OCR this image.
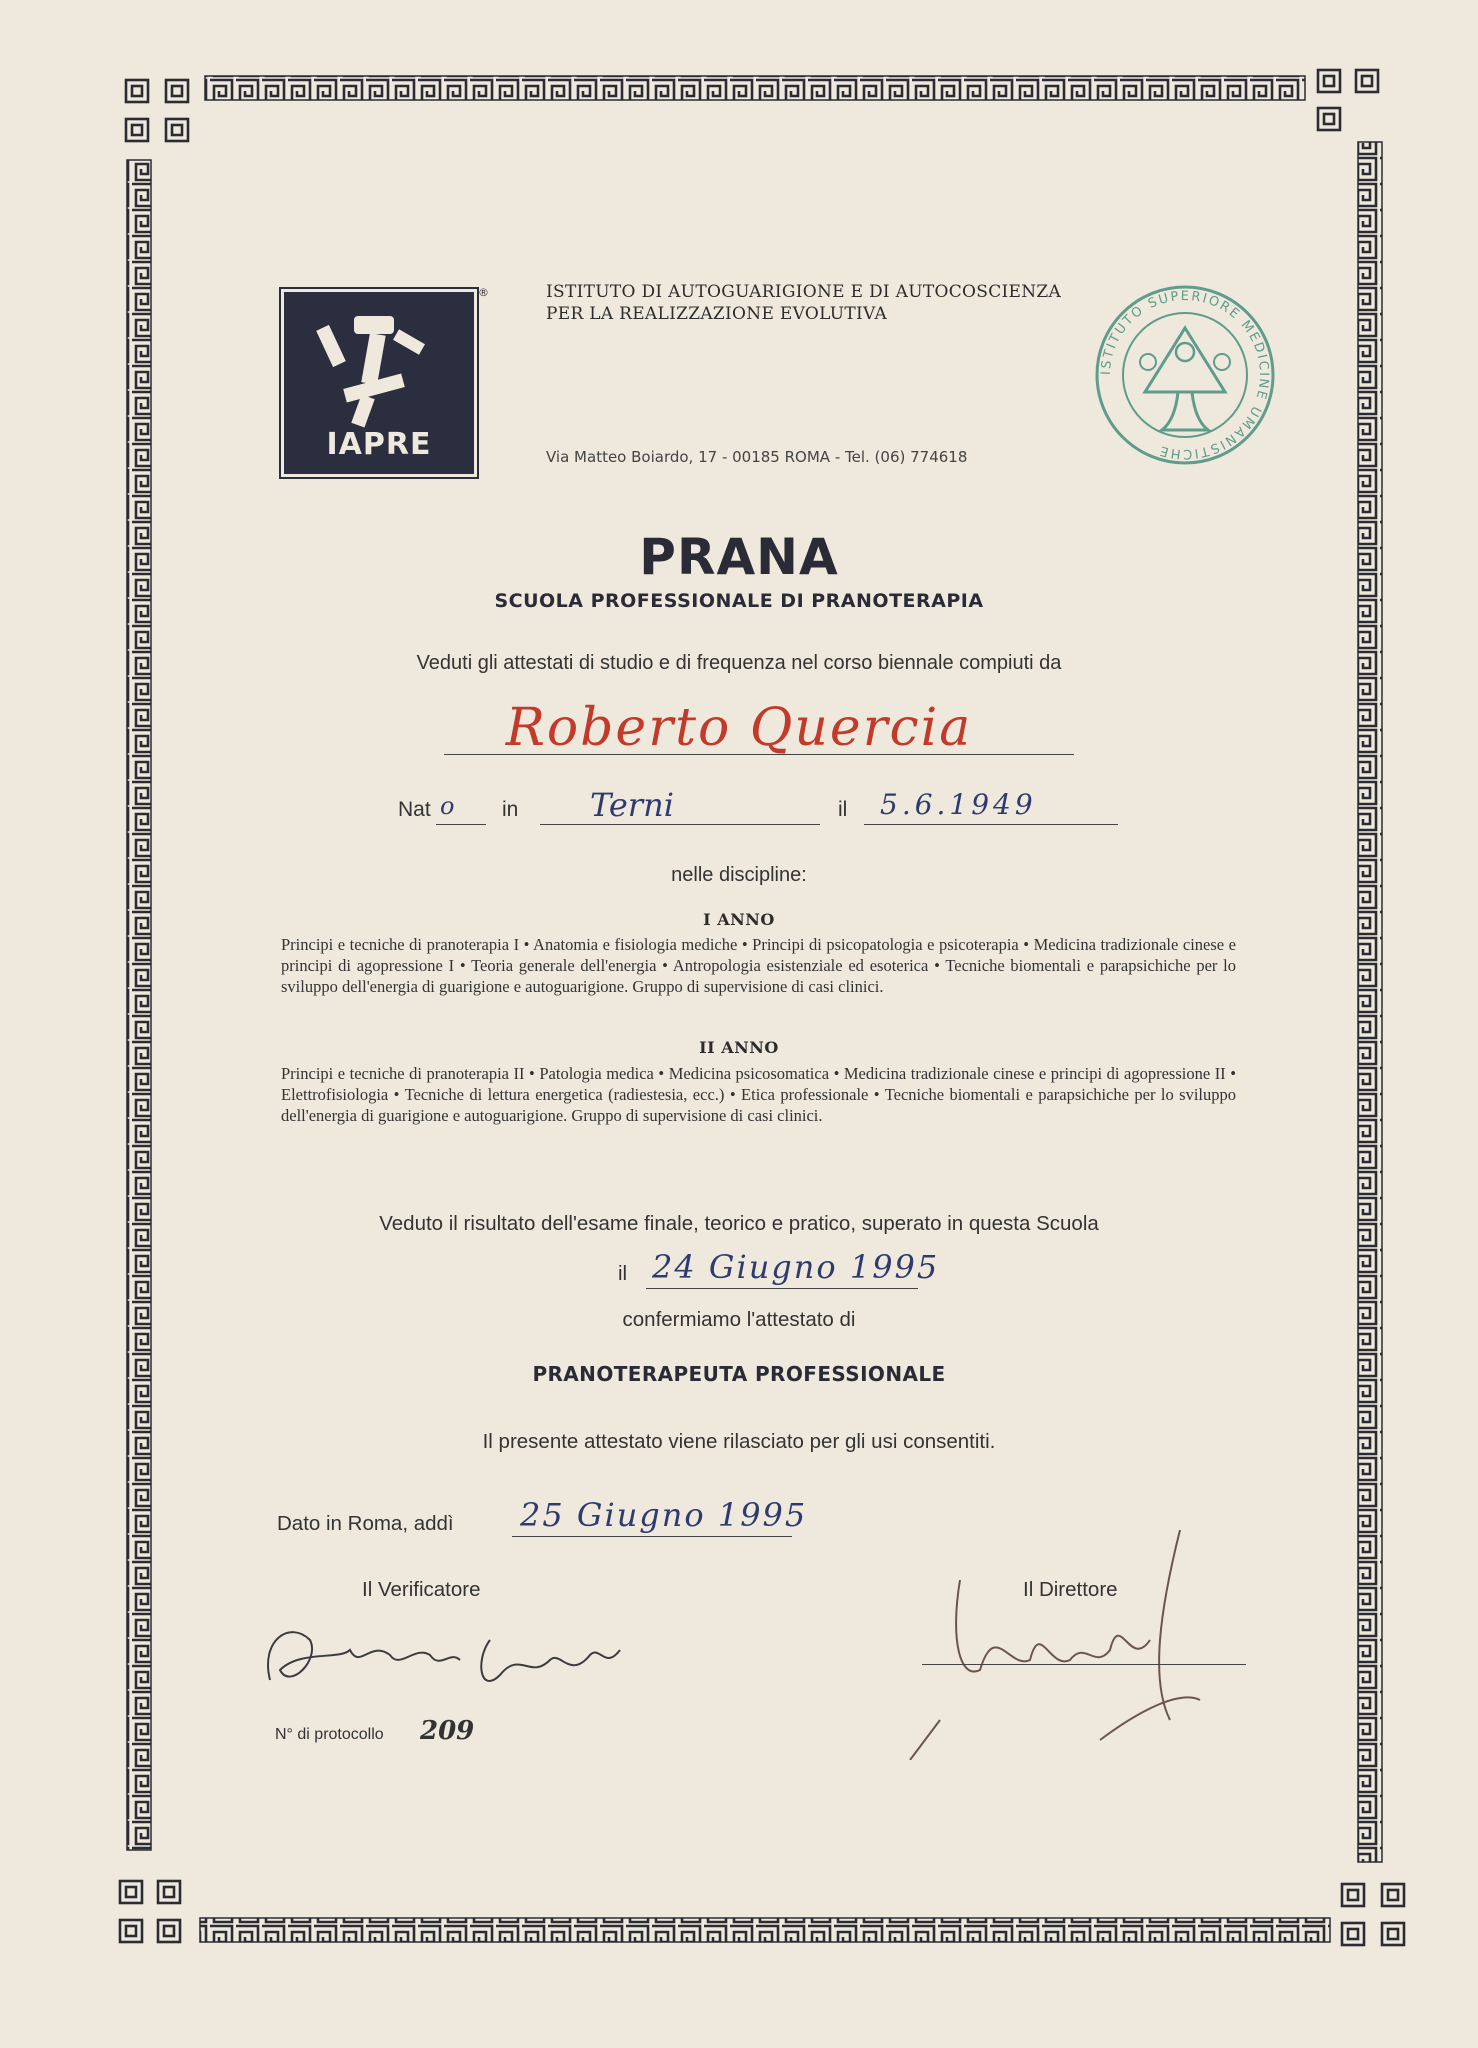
IAPRE
®	ISTITUTO DI AUTOGUARIGIONE E DI AUTOCOSCIENZA
PER LA REALIZZAZIONE EVOLUTIVA
Via Matteo Boiardo, 17 - 00185 ROMA - Tel. (06) 774618
ISTITUTO SUPERIORE MEDICINE UMANISTICHE
PRANA
SCUOLA PROFESSIONALE DI PRANOTERAPIA
Veduti gli attestati di studio e di frequenza nel corso biennale compiuti da
Roberto Quercia
Nat o in Terni	il 5.6.1949
nelle discipline:
I ANNO
Principi e tecniche di pranoterapia I • Anatomia e fisiologia mediche • Principi di psicopatologia e psicoterapia • Medicina tradizionale cinese e principi di agopressione I • Teoria generale dell'energia • Antropologia esistenziale ed esoterica • Tecniche biomentali e parapsichiche per lo sviluppo dell'energia di guarigione e autoguarigione. Gruppo di supervisione di casi clinici.
II ANNO
Principi e tecniche di pranoterapia II • Patologia medica • Medicina psicosomatica • Medicina tradizionale cinese e principi di agopressione II • Elettrofisiologia • Tecniche di lettura energetica (radiestesia, ecc.) • Etica professionale • Tecniche biomentali e parapsichiche per lo sviluppo dell'energia di guarigione e autoguarigione. Gruppo di supervisione di casi clinici.
Veduto il risultato dell'esame finale, teorico e pratico, superato in questa Scuola
il 24 Giugno 1995
confermiamo l'attestato di
PRANOTERAPEUTA PROFESSIONALE
Il presente attestato viene rilasciato per gli usi consentiti.
Dato in Roma, addì 25 Giugno 1995
Il Verificatore	Il Direttore
N° di protocollo 209
